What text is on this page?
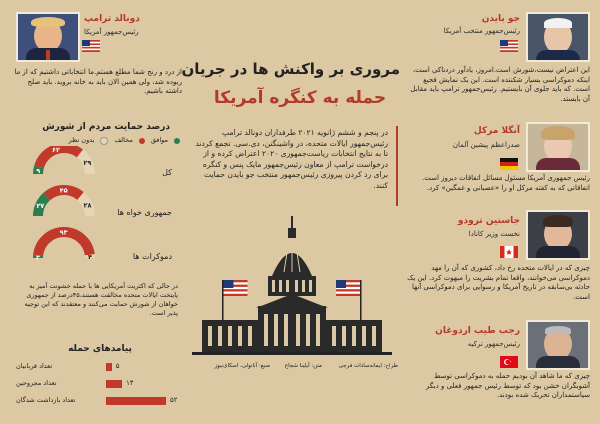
مروری بر واکنش ها در جریان
حمله به کنگره آمریکا
در پنجم و ششم ژانویه ۲۰۲۱ طرفداران دونالد ترامپ رئیس‌جمهور ایالات متحده، در واشینگتن، دی.سی. تجمع کردند تا به نتایج انتخابات ریاست‌جمهوری ۲۰۲۰ اعتراض کرده و از درخواست ترامپ از معاون رئیس‌جمهور مایک پنس و کنگره برای رد کردن پیروزی رئیس‌جمهور منتخب جو بایدن حمایت کنند.
منبع: آناتولی، اسکای‌نیوز	متن: آیلینا شجاع	طراح: ایمانه‌سادات فرجی
جو بایدن
رئیس‌جمهور منتخب آمریکا
این اعتراض نیست،شورش است.امروز، یادآور دردناکی است، اینکه دموکراسی بسیار شکننده است. این یک نمایش فجیع است. که باید جلوی آن بایستیم. رئیس‌جمهور ترامپ باید مقابل آن بایستد.
آنگلا مرکل
صدراعظم پیشین آلمان
رئیس جمهوری آمریکا مسئول مسائل اتفاقات دیروز است. اتفاقاتی که به کفته مرکل او را «عصبانی و غمگین» کرد.
جاستین ترودو
نخست وزیر کانادا
چیزی که در ایالات متحده رخ داد، کشوری که آن را مهد دموکراسی می‌خوانند، واقعا تمام بشریت را مبهوت کرد. این یک حادثه بی‌سابقه در تاریخ آمریکا و رسوایی برای دموکراسی آنها است.
رجب طیب اردوغان
رئیس‌جمهور ترکیه
چیزی که ما شاهد آن بودیم حمله به دموکراسی توسط آشوبگران خشن بود که توسط رئیس جمهور فعلی و دیگر سیاستمداران تحریک شده بودند.
دونالد ترامپ
رئیس‌جمهور آمریکا
از درد و رنج شما مطلع هستم.ما انتخاباتی داشتیم که از ما ربوده شد، ولی همین الان باید به خانه بروید. باید صلح داشته باشیم.
درصد حمایت مردم از شورش
موافق
مخالف
بدون نظر
۹
۶۲
۲۹
۲۷
۴۵
۲۸
۳
۹۳
۴
کل
جمهوری خواه ها
دموکرات ها
در حالی که اکثریت آمریکایی ها با حمله خشونت آمیز به پایتخت ایالات متحده مخالفت هستند،۴۵درصد از جمهوری خواهان از شورش حمایت می‌کنند و معتقدند که این توجیه پذیر است.
پیامدهای حمله
تعداد قربانیان	۵
تعداد مجروحین	۱۴
تعداد بازداشت شدگان	۵۲
